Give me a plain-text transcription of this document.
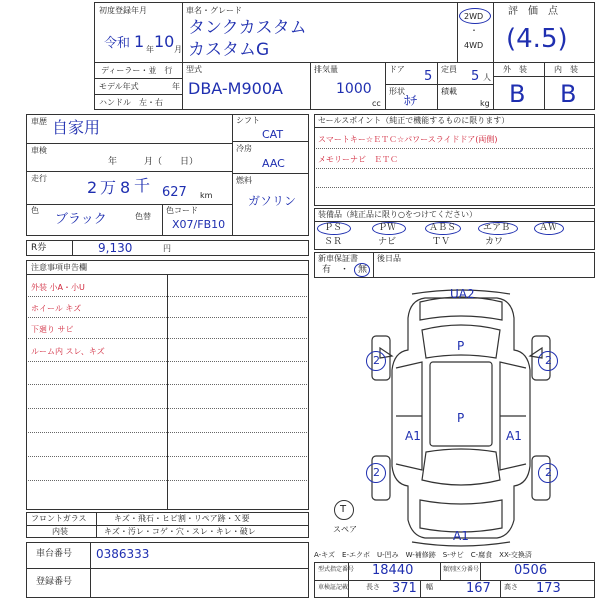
初度登録年月
令和 1 年 10 月
車名・グレード
タンクカスタム
カスタムG
2WD
・
4WD
評　価　点
(4.5)
外　装	内　装
B B
ディーラー・並　行
モデル年式	年
ハンドル　左・右
型式
DBA-M900A
排気量
1000
cc
ドア 5 定員 5 人
形状
ﾎﾁ
積載
kg
車歴 自家用
車検
年　　　月（　　日）
走行	2 万 8 千 627 km
色
ブラック	色替
色コード
X07/FB10
シフト
CAT
冷房
AAC
燃料
ガソリン
R券	9,130	円
セールスポイント（純正で機能するものに限ります）
スマートキー☆ＥＴＣ☆パワースライドドア(両側)
メモリーナビ　ＥＴＣ
装備品（純正品に限り○をつけてください）
ＰＳ	ＰＷ	ＡＢＳ	エアＢ	ＡＷ
ＳＲ	ナビ	ＴＶ	カワ
新車保証書
有　・　無
後日品
注意事項申告欄
外装 小A・小U
ホイール キズ
下廻り サビ
ルーム内 スレ、キズ
UA2
P
P
2	2
2	2
A1	A1
A1
T
スペア
フロントガラス	キズ・飛石・ヒビ割・リペア跡・Ｘ要
内装	キズ・汚レ・コゲ・穴・スレ・キレ・破レ
A-キズ　E-エクボ　U-凹み　W-補修跡　S-サビ　C-腐食　XX-交換済
車台番号 0386333
登録番号
型式指定番号 18440	類別区分番号	0506
車検証記載	長さ 371 幅	167 高さ 173
